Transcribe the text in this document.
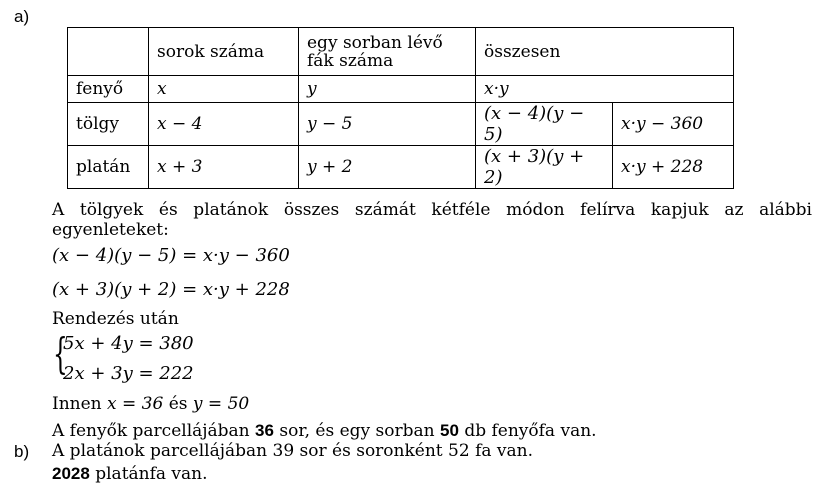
a)
	sorok száma	egy sorban lévő
fák száma	összesen	
fenyő	x	y	x·y	
tölgy	x − 4	y − 5	(x − 4)(y − 5)	x·y − 360
platán	x + 3	y + 2	(x + 3)(y + 2)	x·y + 228
A tölgyek és platánok összes számát kétféle módon felírva kapjuk az alábbi
egyenleteket:
(x − 4)(y − 5) = x·y − 360
(x + 3)(y + 2) = x·y + 228
Rendezés után
{
5x + 4y = 380
2x + 3y = 222
Innen x = 36 és y = 50
A fenyők parcellájában 36 sor, és egy sorban 50 db fenyőfa van.
b) A platánok parcellájában 39 sor és soronként 52 fa van.
2028 platánfa van.
